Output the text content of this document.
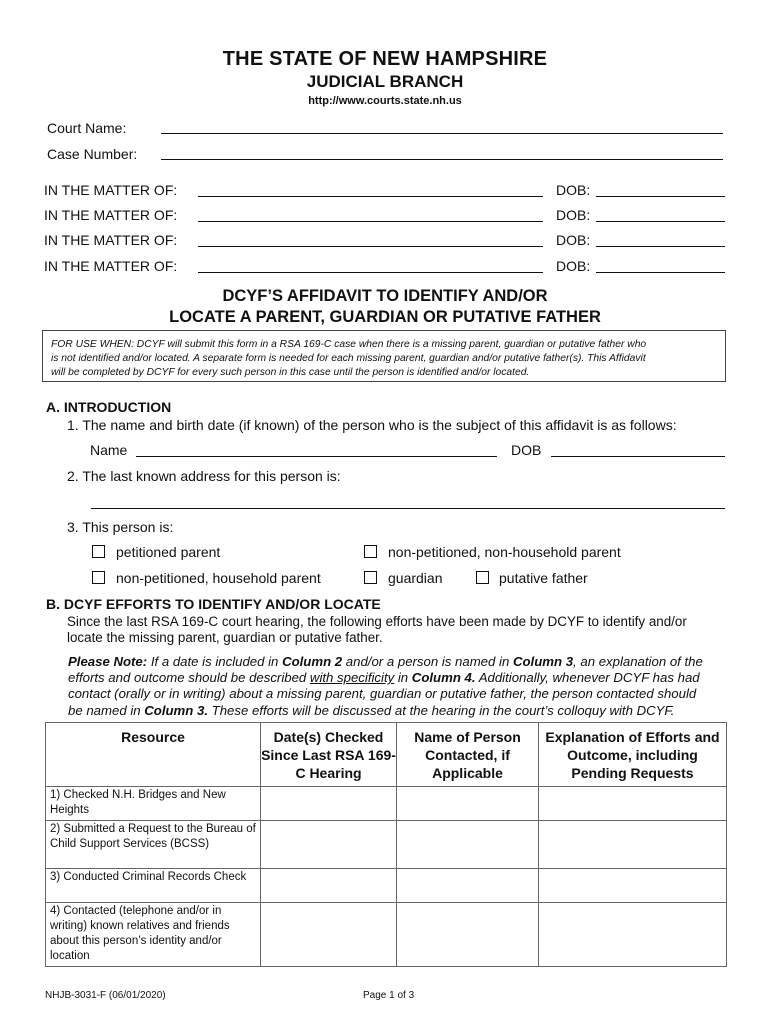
THE STATE OF NEW HAMPSHIRE
JUDICIAL BRANCH
http://www.courts.state.nh.us
Court Name:
Case Number:
IN THE MATTER OF:	DOB:
IN THE MATTER OF:	DOB:
IN THE MATTER OF:	DOB:
IN THE MATTER OF:	DOB:
DCYF’S AFFIDAVIT TO IDENTIFY AND/OR
LOCATE A PARENT, GUARDIAN OR PUTATIVE FATHER
FOR USE WHEN: DCYF will submit this form in a RSA 169-C case when there is a missing parent, guardian or putative father who
is not identified and/or located. A separate form is needed for each missing parent, guardian and/or putative father(s). This Affidavit
will be completed by DCYF for every such person in this case until the person is identified and/or located.
A. INTRODUCTION
1. The name and birth date (if known) of the person who is the subject of this affidavit is as follows:
Name	DOB
2. The last known address for this person is:
3. This person is:
petitioned parent	non-petitioned, non-household parent
non-petitioned, household parent	guardian	putative father
B. DCYF EFFORTS TO IDENTIFY AND/OR LOCATE
Since the last RSA 169-C court hearing, the following efforts have been made by DCYF to identify and/or
locate the missing parent, guardian or putative father.
Please Note: If a date is included in Column 2 and/or a person is named in Column 3, an explanation of the
efforts and outcome should be described with specificity in Column 4. Additionally, whenever DCYF has had
contact (orally or in writing) about a missing parent, guardian or putative father, the person contacted should
be named in Column 3. These efforts will be discussed at the hearing in the court’s colloquy with DCYF.
Resource	Date(s) Checked Since Last RSA 169-C Hearing	Name of Person Contacted, if Applicable	Explanation of Efforts and Outcome, including Pending Requests
1) Checked N.H. Bridges and New Heights			
2) Submitted a Request to the Bureau of Child Support Services (BCSS)			
3) Conducted Criminal Records Check			
4) Contacted (telephone and/or in writing) known relatives and friends about this person’s identity and/or location			
NHJB-3031-F (06/01/2020)	Page 1 of 3
